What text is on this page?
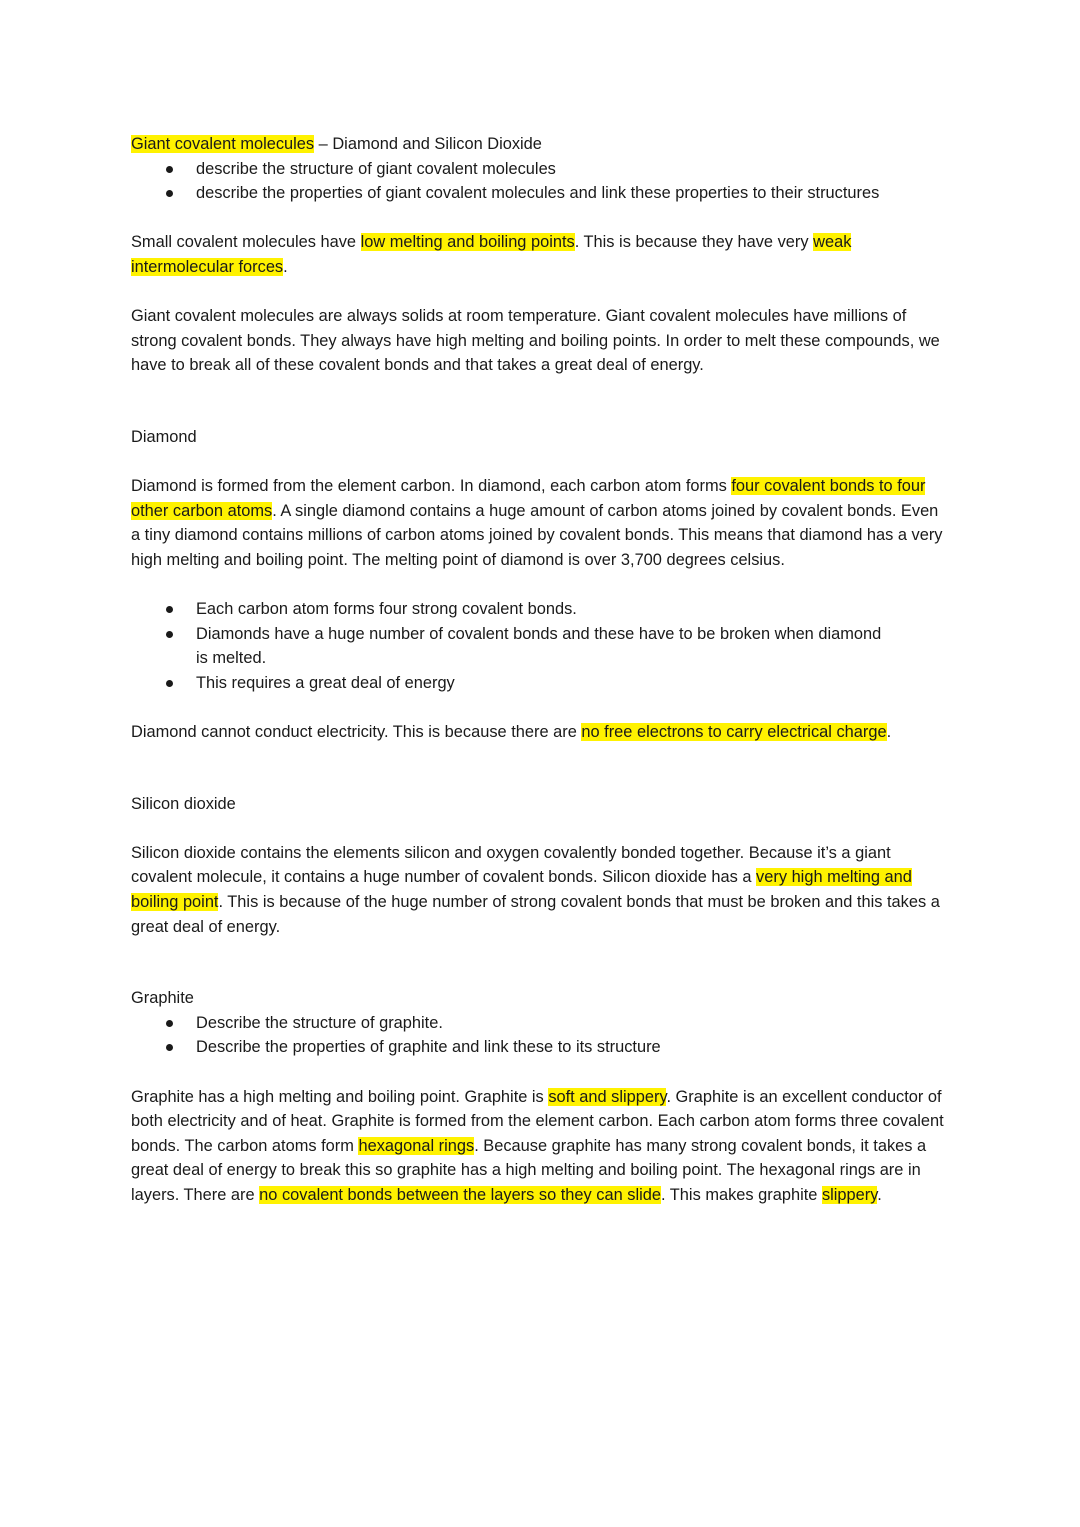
Giant covalent molecules – Diamond and Silicon Dioxide

describe the structure of giant covalent molecules
describe the properties of giant covalent molecules and link these properties to their structures

Small covalent molecules have low melting and boiling points. This is because they have very weak intermolecular forces.

Giant covalent molecules are always solids at room temperature. Giant covalent molecules have millions of strong covalent bonds. They always have high melting and boiling points. In order to melt these compounds, we have to break all of these covalent bonds and that takes a great deal of energy.

Diamond

Diamond is formed from the element carbon. In diamond, each carbon atom forms four covalent bonds to four other carbon atoms. A single diamond contains a huge amount of carbon atoms joined by covalent bonds. Even a tiny diamond contains millions of carbon atoms joined by covalent bonds. This means that diamond has a very high melting and boiling point. The melting point of diamond is over 3,700 degrees celsius.

Each carbon atom forms four strong covalent bonds.
Diamonds have a huge number of covalent bonds and these have to be broken when diamond is melted.
This requires a great deal of energy

Diamond cannot conduct electricity. This is because there are no free electrons to carry electrical charge.

Silicon dioxide

Silicon dioxide contains the elements silicon and oxygen covalently bonded together. Because it’s a giant covalent molecule, it contains a huge number of covalent bonds. Silicon dioxide has a very high melting and boiling point. This is because of the huge number of strong covalent bonds that must be broken and this takes a great deal of energy.

Graphite

Describe the structure of graphite.
Describe the properties of graphite and link these to its structure

Graphite has a high melting and boiling point. Graphite is soft and slippery. Graphite is an excellent conductor of both electricity and of heat. Graphite is formed from the element carbon. Each carbon atom forms three covalent bonds. The carbon atoms form hexagonal rings. Because graphite has many strong covalent bonds, it takes a great deal of energy to break this so graphite has a high melting and boiling point. The hexagonal rings are in layers. There are no covalent bonds between the layers so they can slide. This makes graphite slippery.
